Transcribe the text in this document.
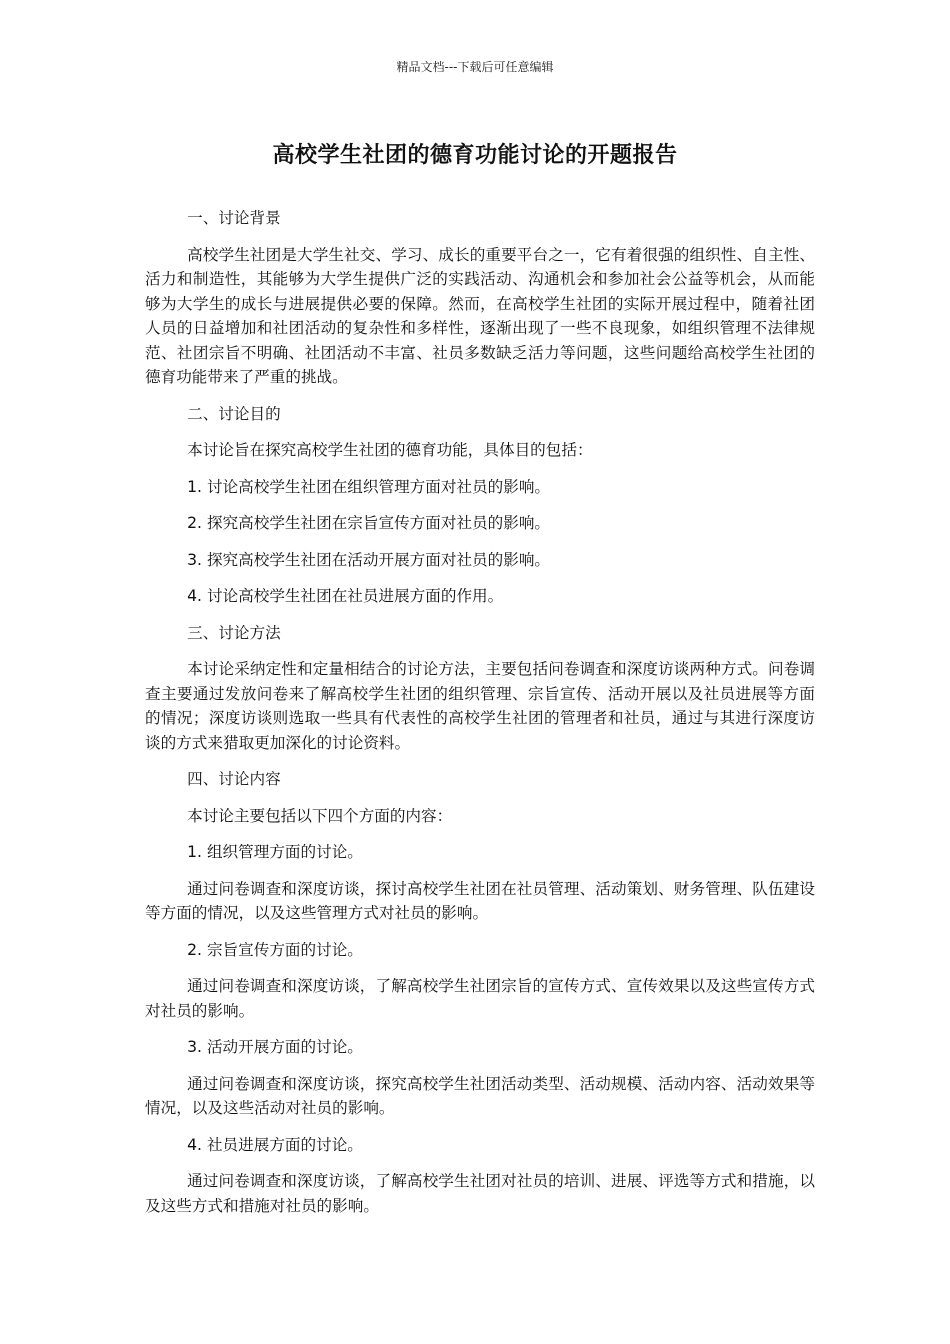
精品文档---下载后可任意编辑
高校学生社团的德育功能讨论的开题报告
一、讨论背景
高校学生社团是大学生社交、学习、成长的重要平台之一，它有着很强的组织性、自主性、活力和制造性，其能够为大学生提供广泛的实践活动、沟通机会和参加社会公益等机会，从而能够为大学生的成长与进展提供必要的保障。然而，在高校学生社团的实际开展过程中，随着社团人员的日益增加和社团活动的复杂性和多样性，逐渐出现了一些不良现象，如组织管理不法律规范、社团宗旨不明确、社团活动不丰富、社员多数缺乏活力等问题，这些问题给高校学生社团的德育功能带来了严重的挑战。
二、讨论目的
本讨论旨在探究高校学生社团的德育功能，具体目的包括：
1. 讨论高校学生社团在组织管理方面对社员的影响。
2. 探究高校学生社团在宗旨宣传方面对社员的影响。
3. 探究高校学生社团在活动开展方面对社员的影响。
4. 讨论高校学生社团在社员进展方面的作用。
三、讨论方法
本讨论采纳定性和定量相结合的讨论方法，主要包括问卷调查和深度访谈两种方式。问卷调查主要通过发放问卷来了解高校学生社团的组织管理、宗旨宣传、活动开展以及社员进展等方面的情况；深度访谈则选取一些具有代表性的高校学生社团的管理者和社员，通过与其进行深度访谈的方式来猎取更加深化的讨论资料。
四、讨论内容
本讨论主要包括以下四个方面的内容：
1. 组织管理方面的讨论。
通过问卷调查和深度访谈，探讨高校学生社团在社员管理、活动策划、财务管理、队伍建设等方面的情况，以及这些管理方式对社员的影响。
2. 宗旨宣传方面的讨论。
通过问卷调查和深度访谈，了解高校学生社团宗旨的宣传方式、宣传效果以及这些宣传方式对社员的影响。
3. 活动开展方面的讨论。
通过问卷调查和深度访谈，探究高校学生社团活动类型、活动规模、活动内容、活动效果等情况，以及这些活动对社员的影响。
4. 社员进展方面的讨论。
通过问卷调查和深度访谈，了解高校学生社团对社员的培训、进展、评选等方式和措施，以及这些方式和措施对社员的影响。
